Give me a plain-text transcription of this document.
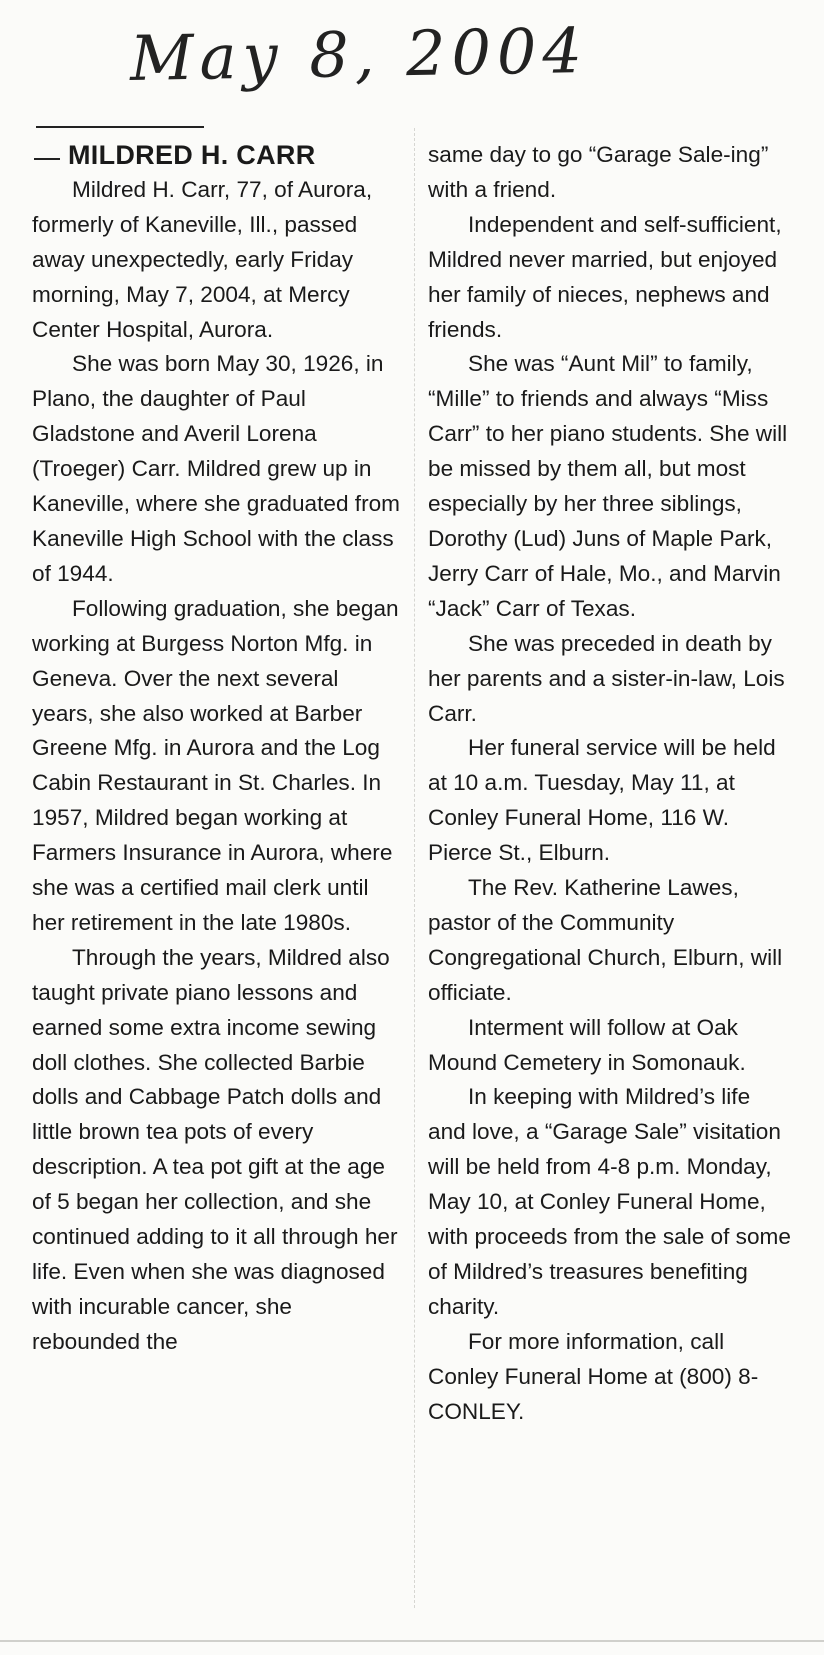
May 8, 2004
MILDRED H. CARR

Mildred H. Carr, 77, of Aurora, formerly of Kaneville, Ill., passed away unexpectedly, early Friday morning, May 7, 2004, at Mercy Center Hospital, Aurora.

She was born May 30, 1926, in Plano, the daughter of Paul Gladstone and Averil Lorena (Troeger) Carr. Mildred grew up in Kaneville, where she graduated from Kaneville High School with the class of 1944.

Following graduation, she began working at Burgess Norton Mfg. in Geneva. Over the next several years, she also worked at Barber Greene Mfg. in Aurora and the Log Cabin Restaurant in St. Charles. In 1957, Mildred began working at Farmers Insurance in Aurora, where she was a certified mail clerk until her retirement in the late 1980s.

Through the years, Mildred also taught private piano lessons and earned some extra income sewing doll clothes. She collected Barbie dolls and Cabbage Patch dolls and little brown tea pots of every description. A tea pot gift at the age of 5 began her collection, and she continued adding to it all through her life. Even when she was diagnosed with incurable cancer, she rebounded the

same day to go “Garage Sale-ing” with a friend.

Independent and self-sufficient, Mildred never married, but enjoyed her family of nieces, nephews and friends.

She was “Aunt Mil” to family, “Mille” to friends and always “Miss Carr” to her piano students. She will be missed by them all, but most especially by her three siblings, Dorothy (Lud) Juns of Maple Park, Jerry Carr of Hale, Mo., and Marvin “Jack” Carr of Texas.

She was preceded in death by her parents and a sister-in-law, Lois Carr.

Her funeral service will be held at 10 a.m. Tuesday, May 11, at Conley Funeral Home, 116 W. Pierce St., Elburn.

The Rev. Katherine Lawes, pastor of the Community Congregational Church, Elburn, will officiate.

Interment will follow at Oak Mound Cemetery in Somonauk.

In keeping with Mildred’s life and love, a “Garage Sale” visitation will be held from 4-8 p.m. Monday, May 10, at Conley Funeral Home, with proceeds from the sale of some of Mildred’s treasures benefiting charity.

For more information, call Conley Funeral Home at (800) 8-CONLEY.
